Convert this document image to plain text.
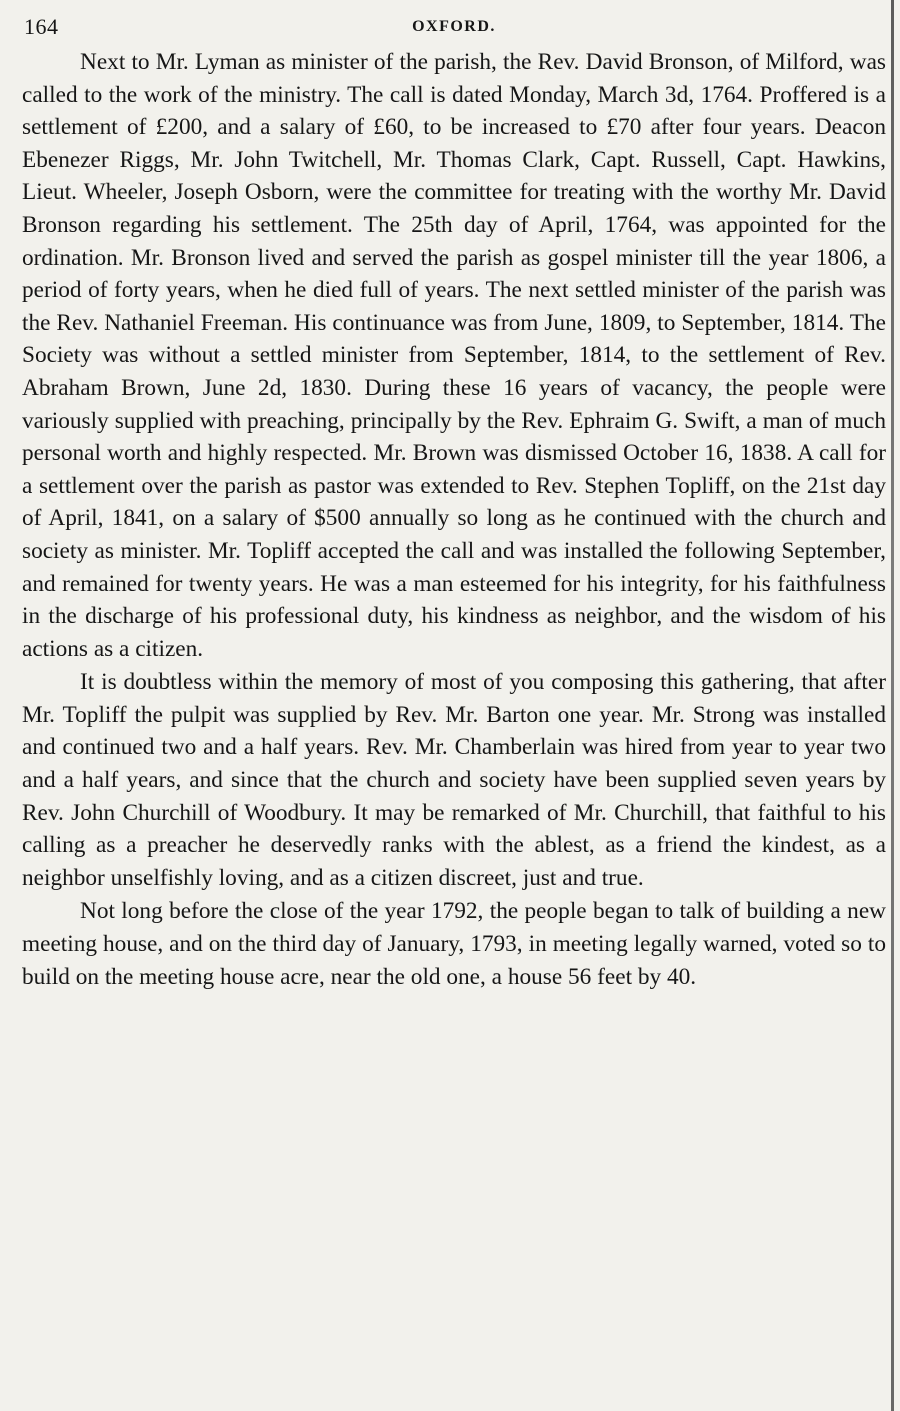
164	OXFORD.

Next to Mr. Lyman as minister of the parish, the Rev. David Bronson, of Milford, was called to the work of the ministry. The call is dated Monday, March 3d, 1764. Proffered is a settlement of £200, and a salary of £60, to be increased to £70 after four years. Deacon Ebenezer Riggs, Mr. John Twitchell, Mr. Thomas Clark, Capt. Russell, Capt. Hawkins, Lieut. Wheeler, Joseph Osborn, were the committee for treating with the worthy Mr. David Bronson regarding his settlement. The 25th day of April, 1764, was appointed for the ordination. Mr. Bronson lived and served the parish as gospel minister till the year 1806, a period of forty years, when he died full of years. The next settled minister of the parish was the Rev. Nathaniel Freeman. His continuance was from June, 1809, to September, 1814. The Society was without a settled minister from September, 1814, to the settlement of Rev. Abraham Brown, June 2d, 1830. During these 16 years of vacancy, the people were variously supplied with preaching, principally by the Rev. Ephraim G. Swift, a man of much personal worth and highly respected. Mr. Brown was dismissed October 16, 1838. A call for a settlement over the parish as pastor was extended to Rev. Stephen Topliff, on the 21st day of April, 1841, on a salary of $500 annually so long as he continued with the church and society as minister. Mr. Topliff accepted the call and was installed the following September, and remained for twenty years. He was a man esteemed for his integrity, for his faithfulness in the discharge of his professional duty, his kindness as neighbor, and the wisdom of his actions as a citizen.

It is doubtless within the memory of most of you composing this gathering, that after Mr. Topliff the pulpit was supplied by Rev. Mr. Barton one year. Mr. Strong was installed and continued two and a half years. Rev. Mr. Chamberlain was hired from year to year two and a half years, and since that the church and society have been supplied seven years by Rev. John Churchill of Woodbury. It may be remarked of Mr. Churchill, that faithful to his calling as a preacher he deservedly ranks with the ablest, as a friend the kindest, as a neighbor unselfishly loving, and as a citizen discreet, just and true.

Not long before the close of the year 1792, the people began to talk of building a new meeting house, and on the third day of January, 1793, in meeting legally warned, voted so to build on the meeting house acre, near the old one, a house 56 feet by 40.
